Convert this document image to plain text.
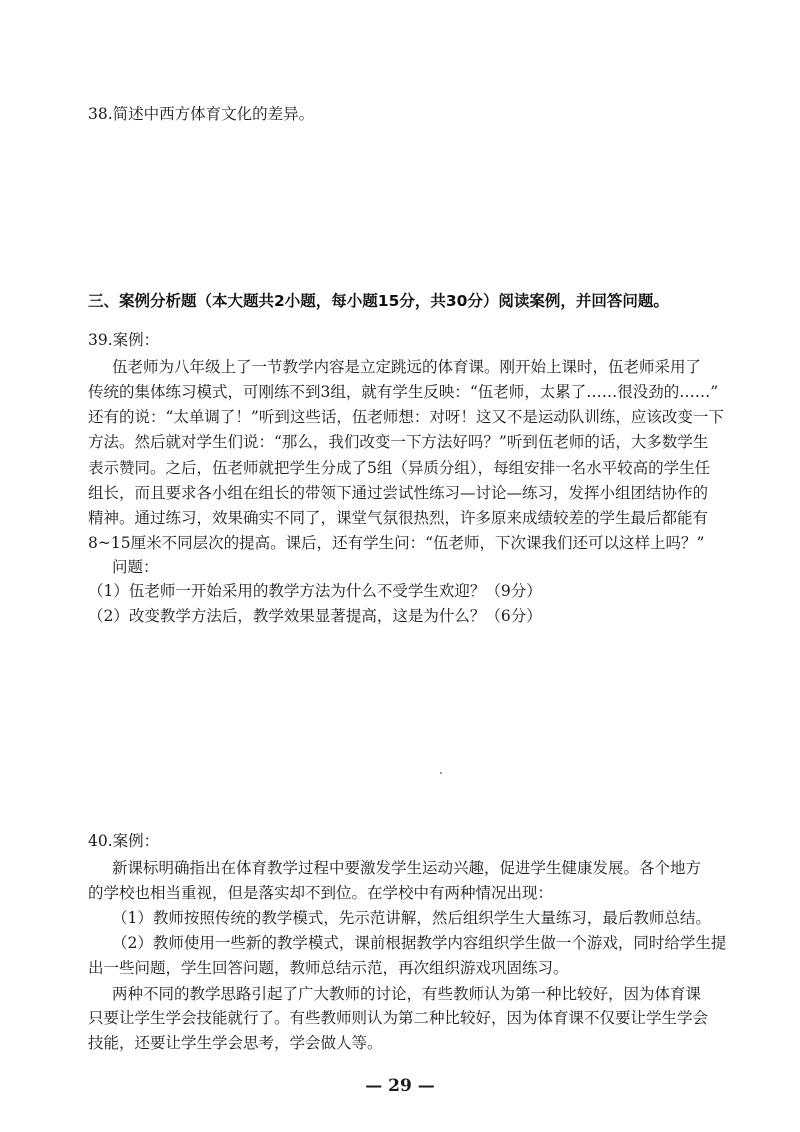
38.简述中西方体育文化的差异。
三、案例分析题（本大题共2小题，每小题15分，共30分）阅读案例，并回答问题。
39.案例：
伍老师为八年级上了一节教学内容是立定跳远的体育课。刚开始上课时，伍老师采用了
传统的集体练习模式，可刚练不到3组，就有学生反映：“伍老师，太累了……很没劲的……”
还有的说：“太单调了！”听到这些话，伍老师想：对呀！这又不是运动队训练，应该改变一下
方法。然后就对学生们说：“那么，我们改变一下方法好吗？”听到伍老师的话，大多数学生
表示赞同。之后，伍老师就把学生分成了5组（异质分组），每组安排一名水平较高的学生任
组长，而且要求各小组在组长的带领下通过尝试性练习—讨论—练习，发挥小组团结协作的
精神。通过练习，效果确实不同了，课堂气氛很热烈，许多原来成绩较差的学生最后都能有
8~15厘米不同层次的提高。课后，还有学生问：“伍老师，下次课我们还可以这样上吗？”
问题：
（1）伍老师一开始采用的教学方法为什么不受学生欢迎？（9分）
（2）改变教学方法后，教学效果显著提高，这是为什么？（6分）
40.案例：
新课标明确指出在体育教学过程中要激发学生运动兴趣，促进学生健康发展。各个地方
的学校也相当重视，但是落实却不到位。在学校中有两种情况出现：
（1）教师按照传统的教学模式，先示范讲解，然后组织学生大量练习，最后教师总结。
（2）教师使用一些新的教学模式，课前根据教学内容组织学生做一个游戏，同时给学生提
出一些问题，学生回答问题，教师总结示范，再次组织游戏巩固练习。
两种不同的教学思路引起了广大教师的讨论，有些教师认为第一种比较好，因为体育课
只要让学生学会技能就行了。有些教师则认为第二种比较好，因为体育课不仅要让学生学会
技能，还要让学生学会思考，学会做人等。
— 29 —
